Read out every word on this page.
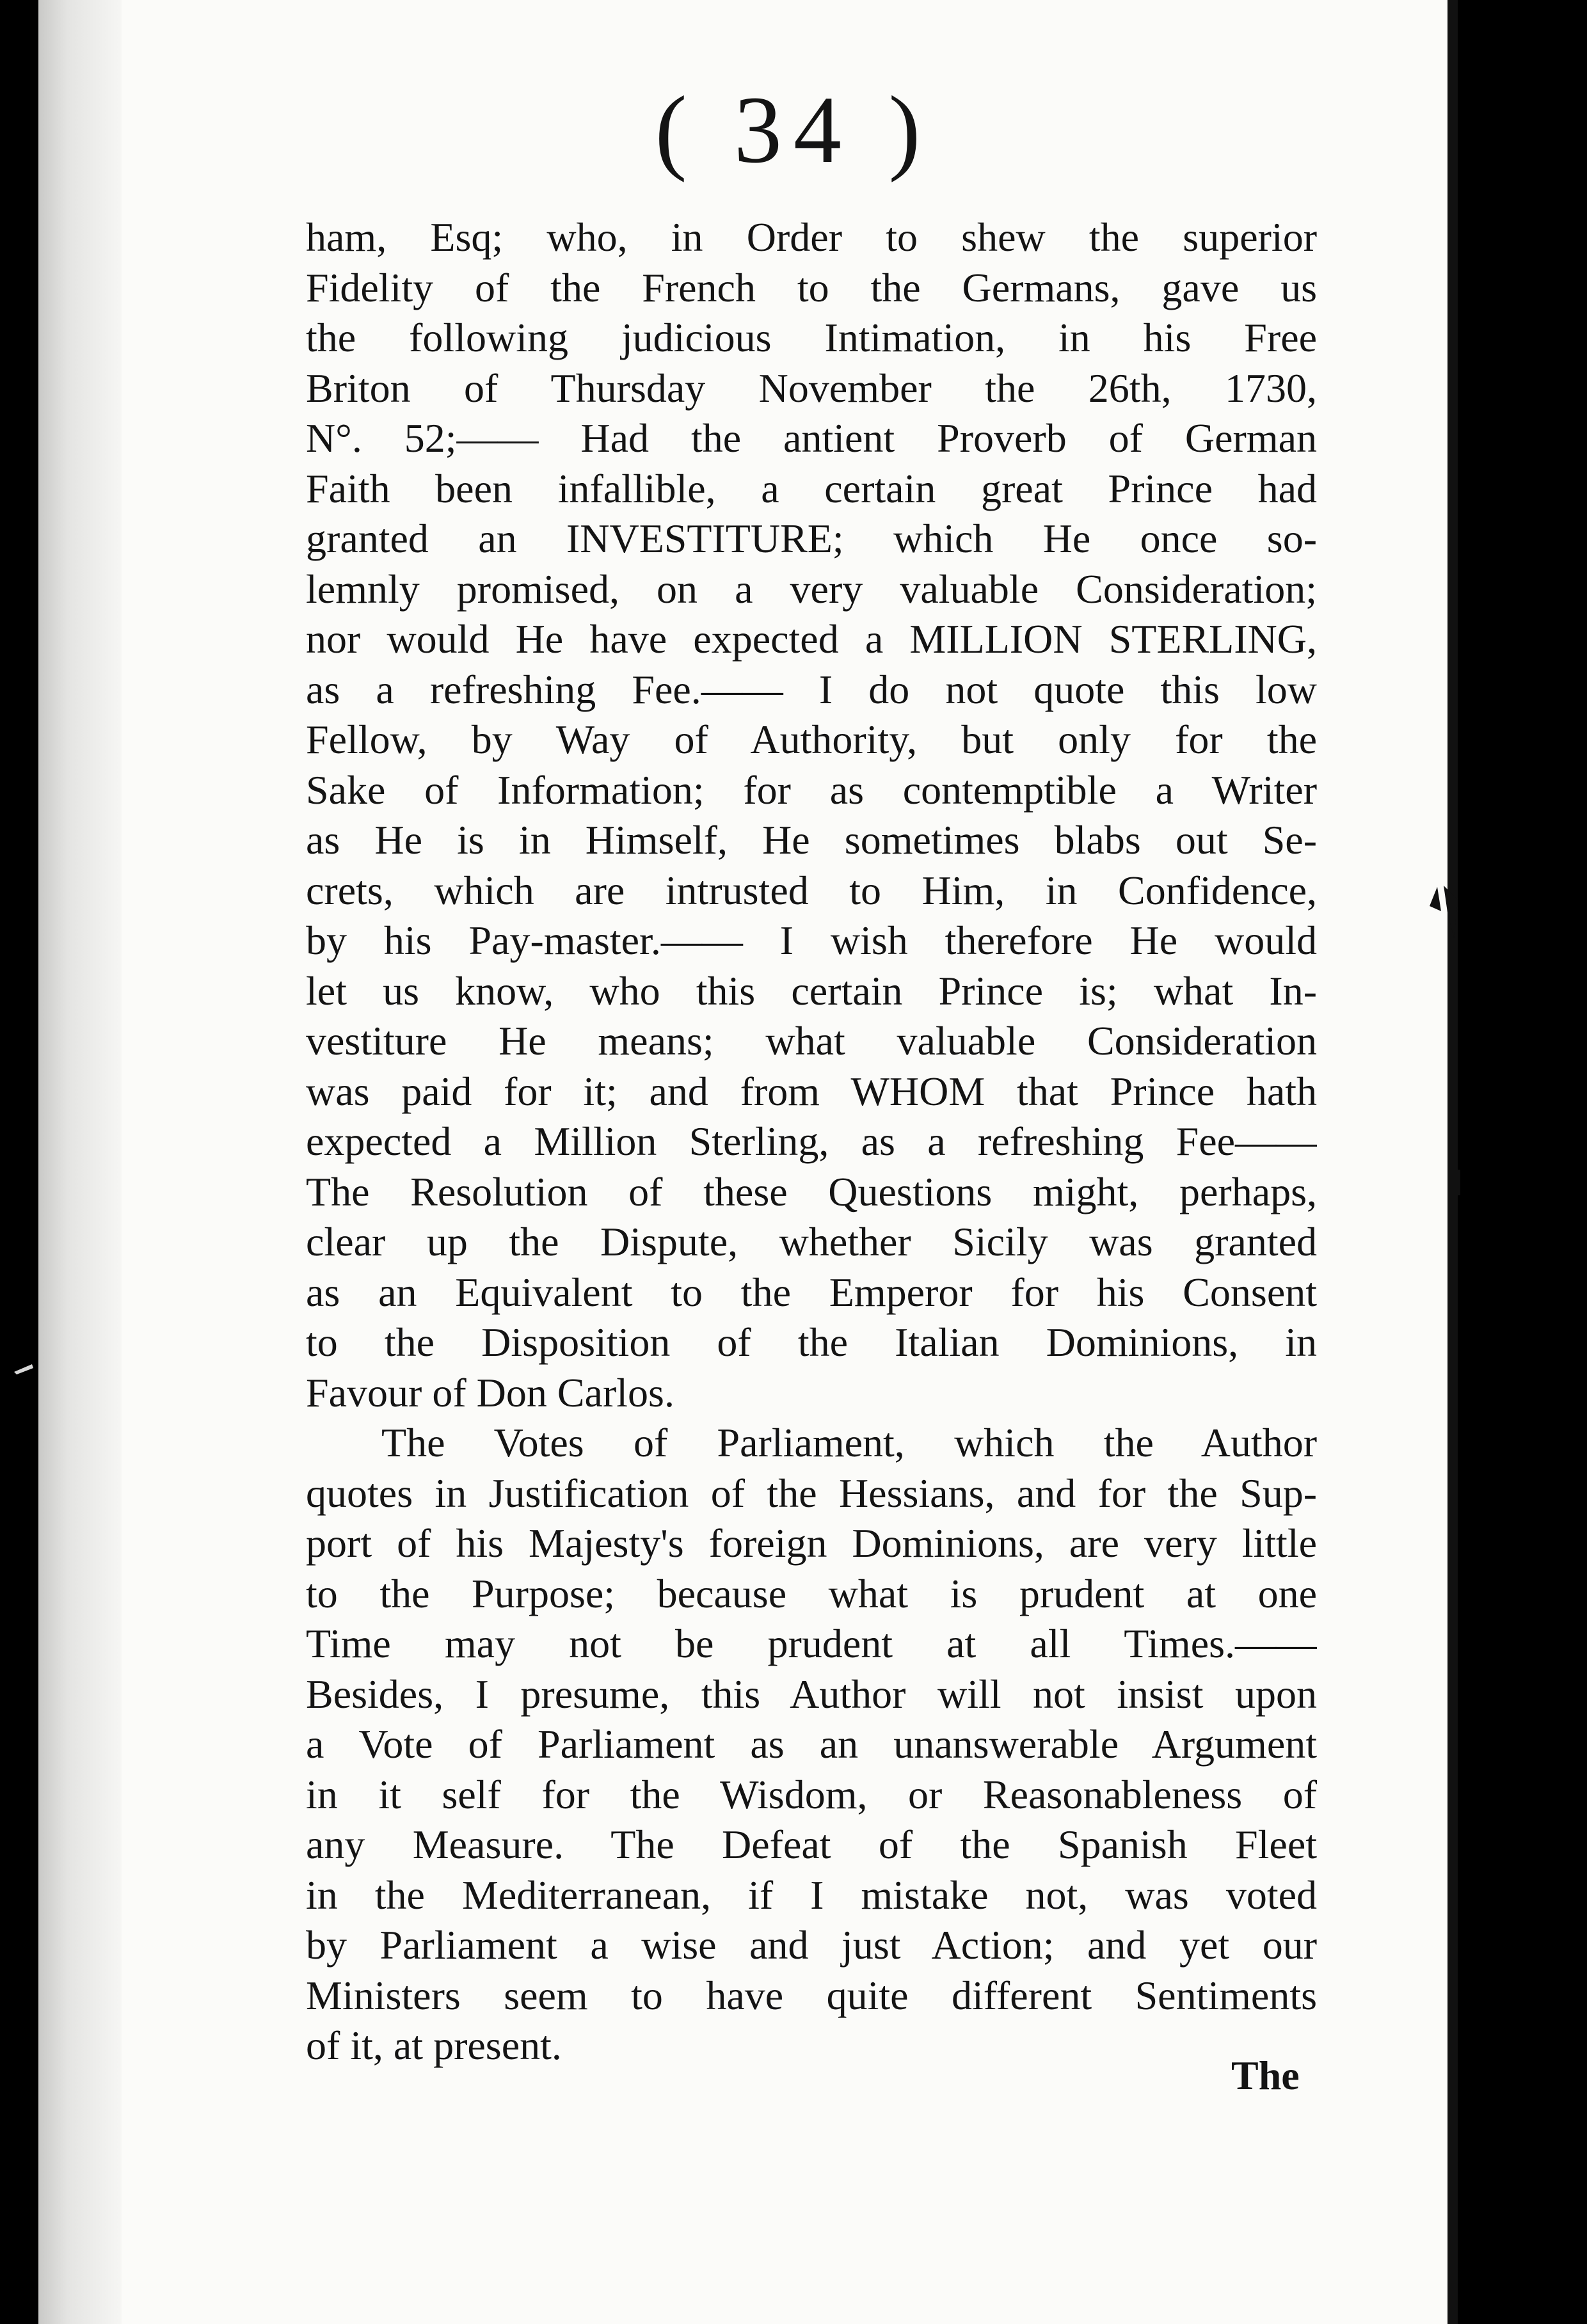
( 34 )
ham, Esq; who, in Order to shew the superior
Fidelity of the French to the Germans, gave us
the following judicious Intimation, in his Free
Briton of Thursday November the 26th, 1730,
N°. 52;—— Had the antient Proverb of German
Faith been infallible, a certain great Prince had
granted an INVESTITURE; which He once so-
lemnly promised, on a very valuable Consideration;
nor would He have expected a MILLION STERLING,
as a refreshing Fee.—— I do not quote this low
Fellow, by Way of Authority, but only for the
Sake of Information; for as contemptible a Writer
as He is in Himself, He sometimes blabs out Se-
crets, which are intrusted to Him, in Confidence,
by his Pay-master.—— I wish therefore He would
let us know, who this certain Prince is; what In-
vestiture He means; what valuable Consideration
was paid for it; and from WHOM that Prince hath
expected a Million Sterling, as a refreshing Fee——
The Resolution of these Questions might, perhaps,
clear up the Dispute, whether Sicily was granted
as an Equivalent to the Emperor for his Consent
to the Disposition of the Italian Dominions, in
Favour of Don Carlos.
The Votes of Parliament, which the Author
quotes in Justification of the Hessians, and for the Sup-
port of his Majesty's foreign Dominions, are very little
to the Purpose; because what is prudent at one
Time may not be prudent at all Times.——
Besides, I presume, this Author will not insist upon
a Vote of Parliament as an unanswerable Argument
in it self for the Wisdom, or Reasonableness of
any Measure. The Defeat of the Spanish Fleet
in the Mediterranean, if I mistake not, was voted
by Parliament a wise and just Action; and yet our
Ministers seem to have quite different Sentiments
of it, at present.
The
